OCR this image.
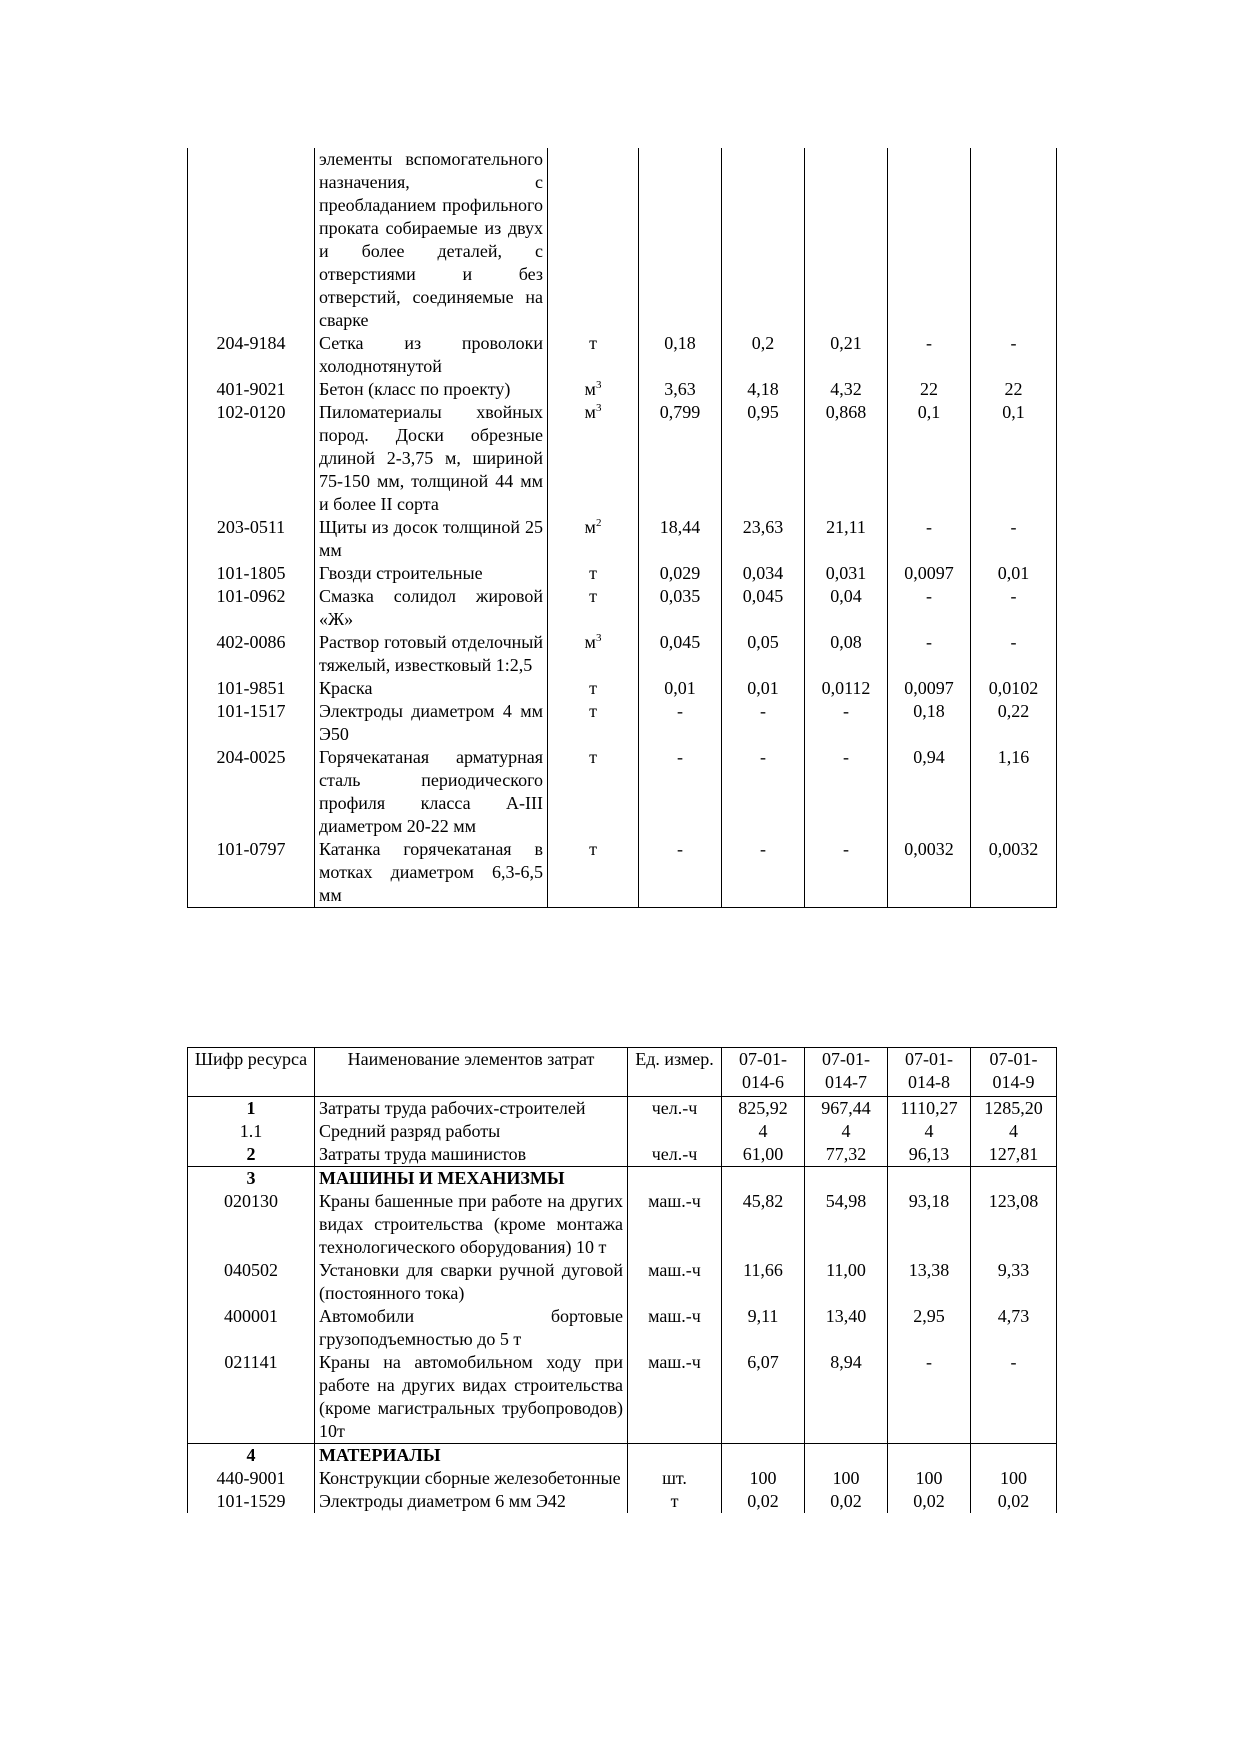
	элементы вспомогательного назначения, с преобладанием профильного проката собираемые из двух и более деталей, с отверстиями и без отверстий, соединяемые на сварке						
204-9184	Сетка из проволоки холоднотянутой	т	0,18	0,2	0,21	-	-
401-9021	Бетон (класс по проекту)	$м^3$	3,63	4,18	4,32	22	22
102-0120	Пиломатериалы хвойных пород. Доски обрезные длиной 2-3,75 м, шириной 75-150 мм, толщиной 44 мм и более II сорта	$м^3$	0,799	0,95	0,868	0,1	0,1
203-0511	Щиты из досок толщиной 25 мм	$м^2$	18,44	23,63	21,11	-	-
101-1805	Гвозди строительные	т	0,029	0,034	0,031	0,0097	0,01
101-0962	Смазка солидол жировой «Ж»	т	0,035	0,045	0,04	-	-
402-0086	Раствор готовый отделочный тяжелый, известковый 1:2,5	$м^3$	0,045	0,05	0,08	-	-
101-9851	Краска	т	0,01	0,01	0,0112	0,0097	0,0102
101-1517	Электроды диаметром 4 мм Э50	т	-	-	-	0,18	0,22
204-0025	Горячекатаная арматурная сталь периодического профиля класса А-III диаметром 20-22 мм	т	-	-	-	0,94	1,16
101-0797	Катанка горячекатаная в мотках диаметром 6,3-6,5 мм	т	-	-	-	0,0032	0,0032
Шифр ресурса	Наименование элементов затрат	Ед. измер.	07-01-014-6	07-01-014-7	07-01-014-8	07-01-014-9
1	Затраты труда рабочих-строителей	чел.-ч	825,92	967,44	1110,27	1285,20
1.1	Средний разряд работы		4	4	4	4
2	Затраты труда машинистов	чел.-ч	61,00	77,32	96,13	127,81
3	МАШИНЫ И МЕХАНИЗМЫ					
020130	Краны башенные при работе на других видах строительства (кроме монтажа технологического оборудования) 10 т	маш.-ч	45,82	54,98	93,18	123,08
040502	Установки для сварки ручной дуговой (постоянного тока)	маш.-ч	11,66	11,00	13,38	9,33
400001	Автомобили бортовые грузоподъемностью до 5 т	маш.-ч	9,11	13,40	2,95	4,73
021141	Краны на автомобильном ходу при работе на других видах строительства (кроме магистральных трубопроводов) 10т	маш.-ч	6,07	8,94	-	-
4	МАТЕРИАЛЫ					
440-9001	Конструкции сборные железобетонные	шт.	100	100	100	100
101-1529	Электроды диаметром 6 мм Э42	т	0,02	0,02	0,02	0,02
